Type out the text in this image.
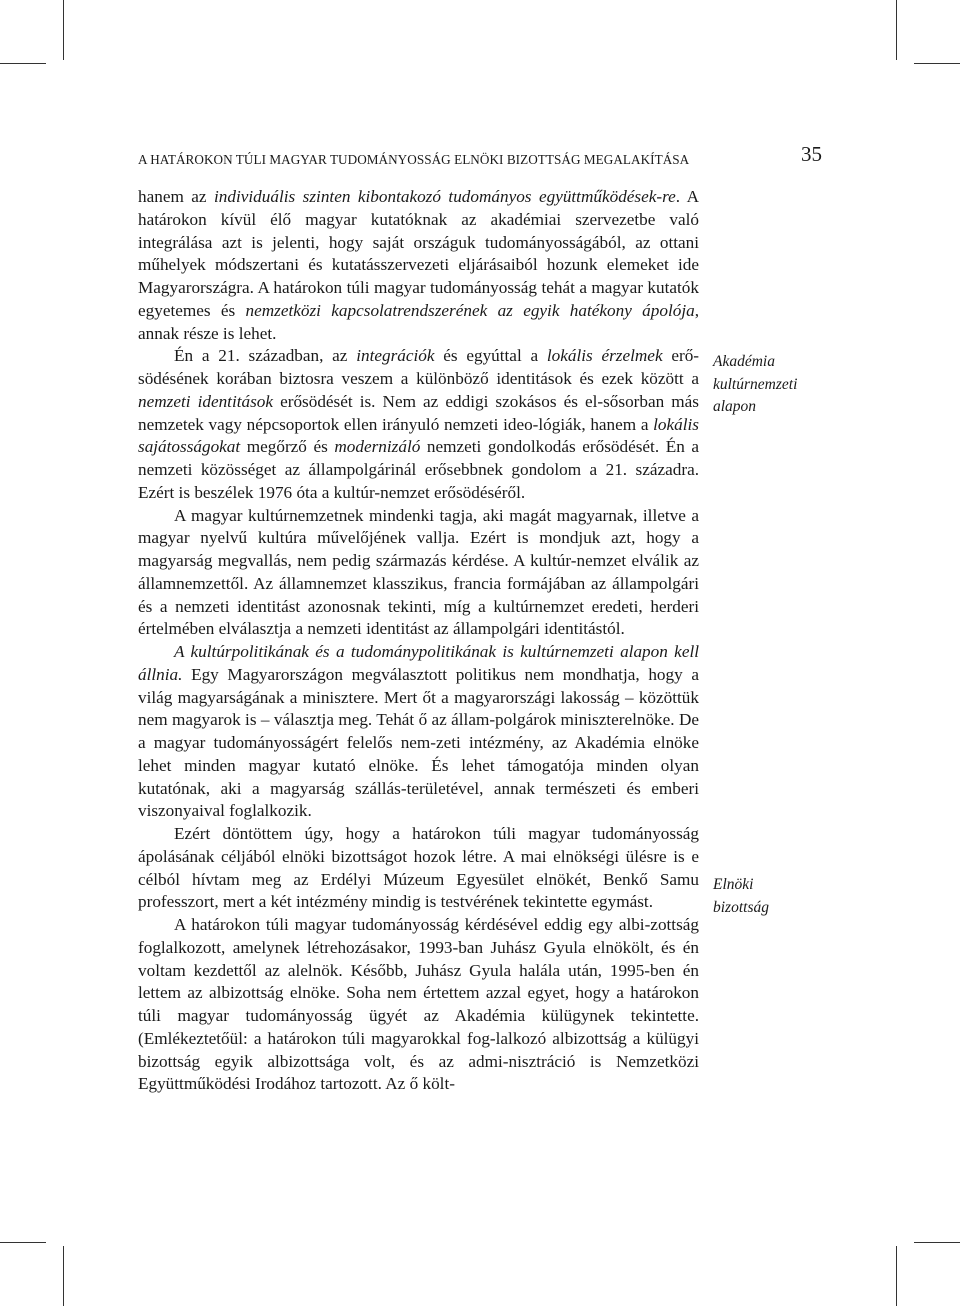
A HATÁROKON TÚLI MAGYAR TUDOMÁNYOSSÁG ELNÖKI BIZOTTSÁG MEGALAKÍTÁSA	35

hanem az individuális szinten kibontakozó tudományos együttműködések-re. A határokon kívül élő magyar kutatóknak az akadémiai szervezetbe való integrálása azt is jelenti, hogy saját országuk tudományosságából, az ottani műhelyek módszertani és kutatásszervezeti eljárásaiból hozunk elemeket ide Magyarországra. A határokon túli magyar tudományosság tehát a magyar kutatók egyetemes és nemzetközi kapcsolatrendszerének az egyik hatékony ápolója, annak része is lehet.

Én a 21. században, az integrációk és egyúttal a lokális érzelmek erő-södésének korában biztosra veszem a különböző identitások és ezek között a nemzeti identitások erősödését is. Nem az eddigi szokásos és el-sősorban más nemzetek vagy népcsoportok ellen irányuló nemzeti ideo-lógiák, hanem a lokális sajátosságokat megőrző és modernizáló nemzeti gondolkodás erősödését. Én a nemzeti közösséget az állampolgárinál erősebbnek gondolom a 21. századra. Ezért is beszélek 1976 óta a kultúr-nemzet erősödéséről.

A magyar kultúrnemzetnek mindenki tagja, aki magát magyarnak, illetve a magyar nyelvű kultúra művelőjének vallja. Ezért is mondjuk azt, hogy a magyarság megvallás, nem pedig származás kérdése. A kultúr-nemzet elválik az államnemzettől. Az államnemzet klasszikus, francia formájában az állampolgári és a nemzeti identitást azonosnak tekinti, míg a kultúrnemzet eredeti, herderi értelmében elválasztja a nemzeti identitást az állampolgári identitástól.

A kultúrpolitikának és a tudománypolitikának is kultúrnemzeti alapon kell állnia. Egy Magyarországon megválasztott politikus nem mondhatja, hogy a világ magyarságának a minisztere. Mert őt a magyarországi lakosság – közöttük nem magyarok is – választja meg. Tehát ő az állam-polgárok miniszterelnöke. De a magyar tudományosságért felelős nem-zeti intézmény, az Akadémia elnöke lehet minden magyar kutató elnöke. És lehet támogatója minden olyan kutatónak, aki a magyarság szállás-területével, annak természeti és emberi viszonyaival foglalkozik.

Ezért döntöttem úgy, hogy a határokon túli magyar tudományosság ápolásának céljából elnöki bizottságot hozok létre. A mai elnökségi ülésre is e célból hívtam meg az Erdélyi Múzeum Egyesület elnökét, Benkő Samu professzort, mert a két intézmény mindig is testvérének tekintette egymást.

A határokon túli magyar tudományosság kérdésével eddig egy albi-zottság foglalkozott, amelynek létrehozásakor, 1993-ban Juhász Gyula elnökölt, és én voltam kezdettől az alelnök. Később, Juhász Gyula halála után, 1995-ben én lettem az albizottság elnöke. Soha nem értettem azzal egyet, hogy a határokon túli magyar tudományosság ügyét az Akadémia külügynek tekintette. (Emlékeztetőül: a határokon túli magyarokkal fog-lalkozó albizottság a külügyi bizottság egyik albizottsága volt, és az admi-nisztráció is Nemzetközi Együttműködési Irodához tartozott. Az ő költ-

Akadémia
kultúrnemzeti
alapon
Elnöki
bizottság
